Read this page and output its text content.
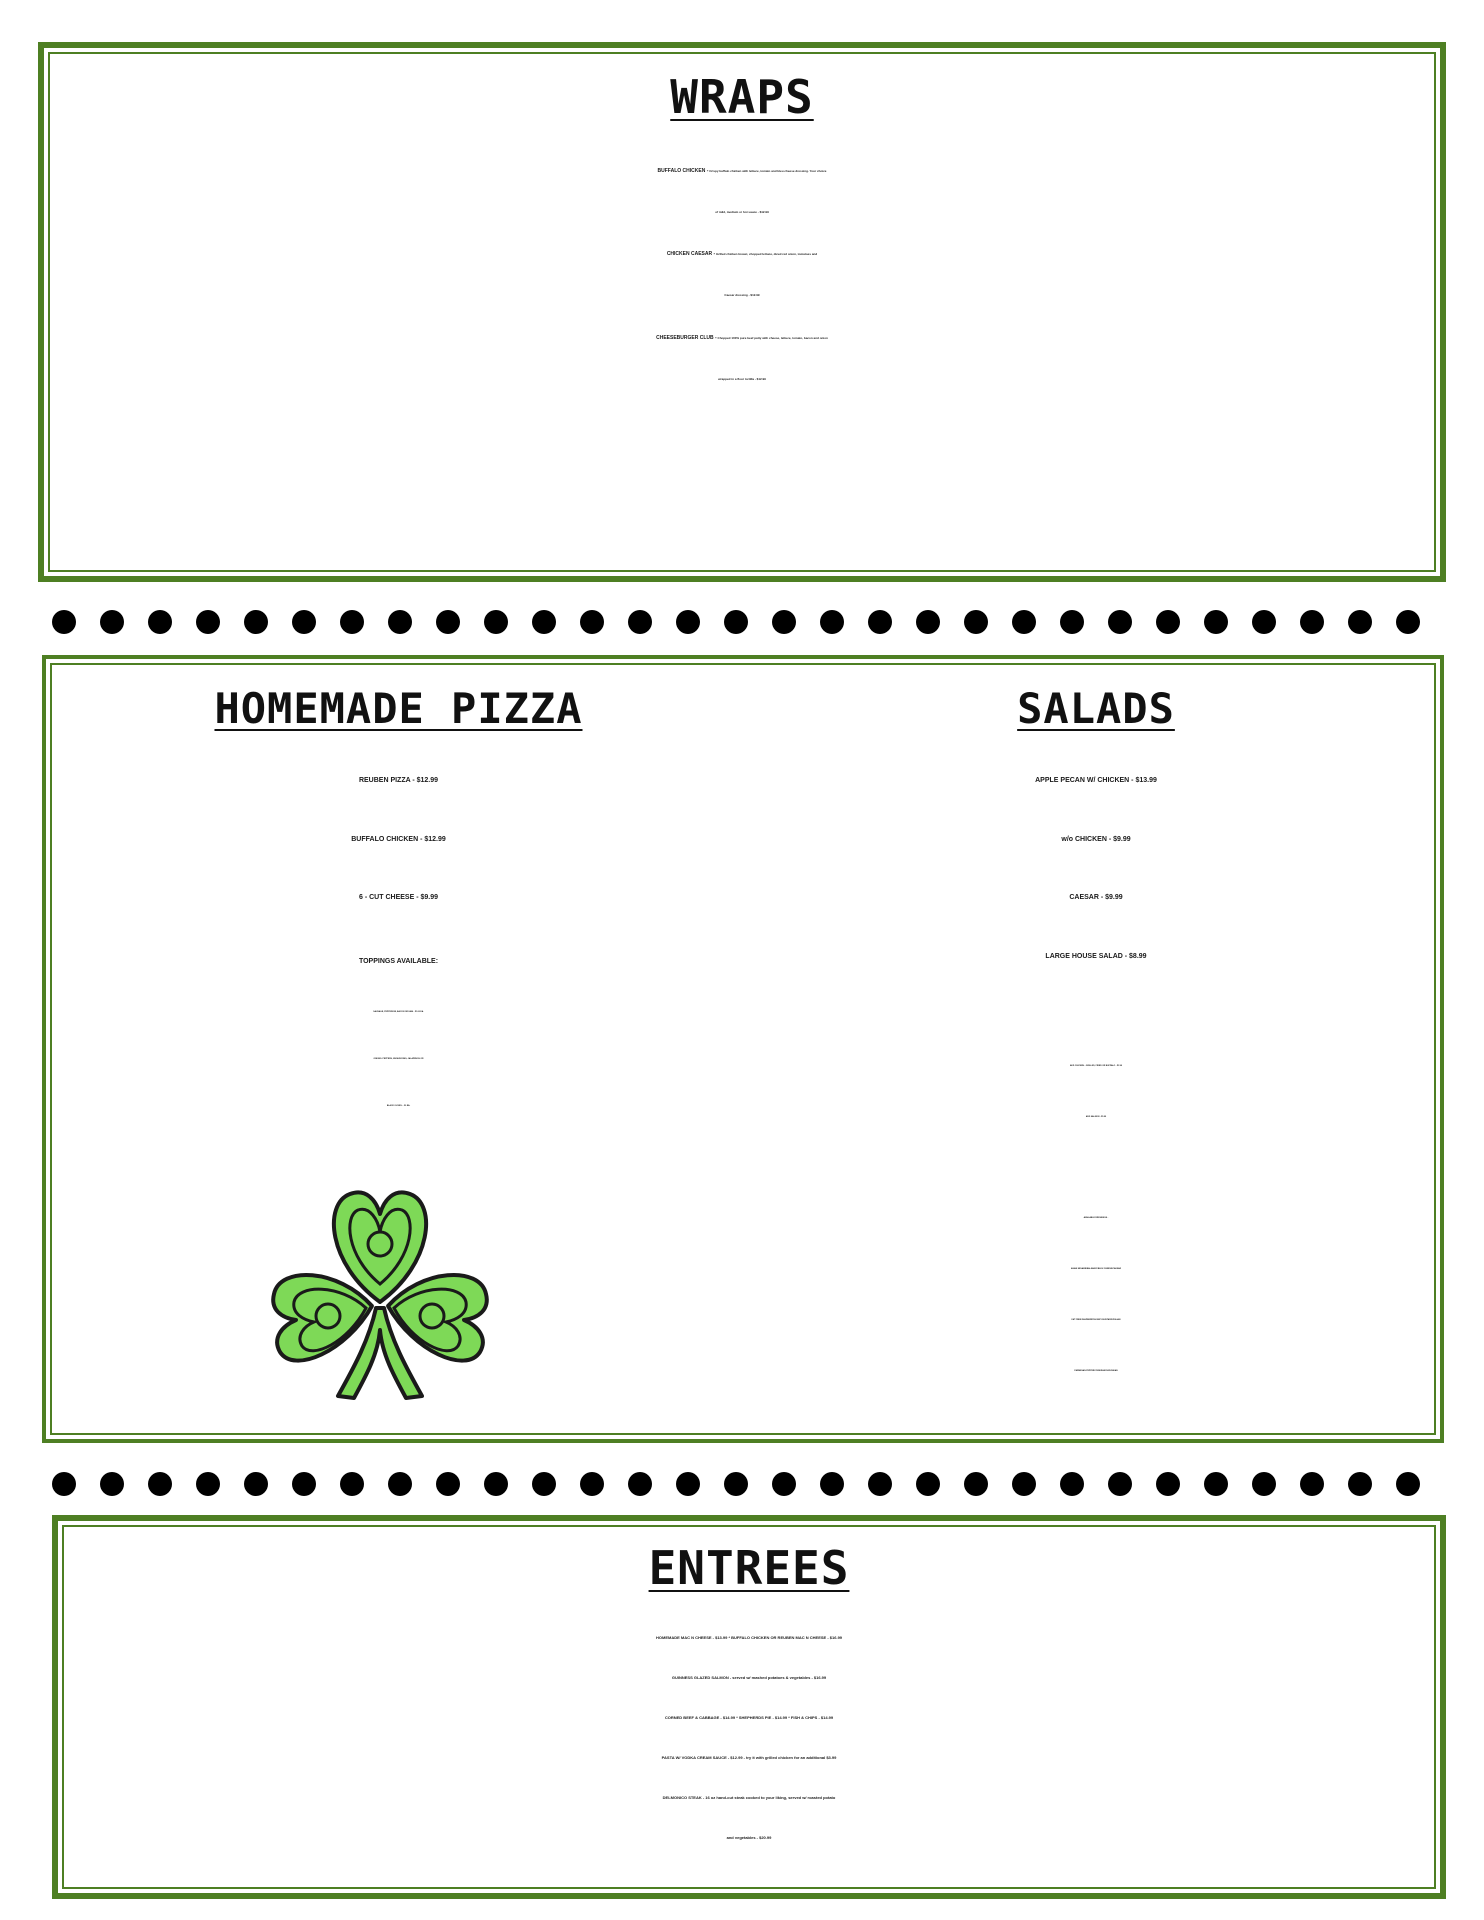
WRAPS
BUFFALO CHICKEN - Crispy buffalo chicken with lettuce, tomato and bleu cheese dressing. Your choice
of mild, medium or hot sauce - $12.99
CHICKEN CAESAR - Grilled chicken breast, chopped lettuce, diced red onion, tomatoes and
Caesar dressing - $12.99
CHEESEBURGER CLUB - Chopped 100% pure beef patty with cheese, lettuce, tomato, bacon and onion
wrapped in a flour tortilla - $12.99
HOMEMADE PIZZA
REUBEN PIZZA - $12.99
BUFFALO CHICKEN - $12.99
6 - CUT CHEESE - $9.99
TOPPINGS AVAILABLE:
SAUSAGE, PEPPERONI, BACON OR HAM - $1.00 EA.
ONIONS. PEPPERS, MUSHROOMS, JALAPENOS OR
BLACK OLIVES - .50 EA.
SALADS
APPLE PECAN W/ CHICKEN - $13.99
w/o CHICKEN - $9.99
CAESAR - $9.99
LARGE HOUSE SALAD - $8.99
ADD CHICKEN - GRILLED, FRIED OR BUFFALO - $3.99
ADD SALMON - $5.99
AVAILABLE DRESSINGS :
ASIAN SESAME/BALSAMIC/BLEU CHEESE/CAESAR
FAT FREE RASPBERRY/HONEY MUSTARD/ITALIAN
PARMESAN PEPPERCORN/RANCH/RUSSIAN
ENTREES
HOMEMADE MAC N CHEESE - $13.99 * BUFFALO CHICKEN OR REUBEN MAC N CHEESE - $16.99
GUINNESS GLAZED SALMON - served w/ mashed potatoes & vegetables - $16.99
CORNED BEEF & CABBAGE - $14.99 * SHEPHERDS PIE - $14.99 * FISH & CHIPS - $14.99
PASTA W/ VODKA CREAM SAUCE - $12.99 - try it with grilled chicken for an additional $3.99
DELMONICO STEAK - 16 oz hand-cut steak cooked to your liking, served w/ roasted potato
and vegetables - $20.99
